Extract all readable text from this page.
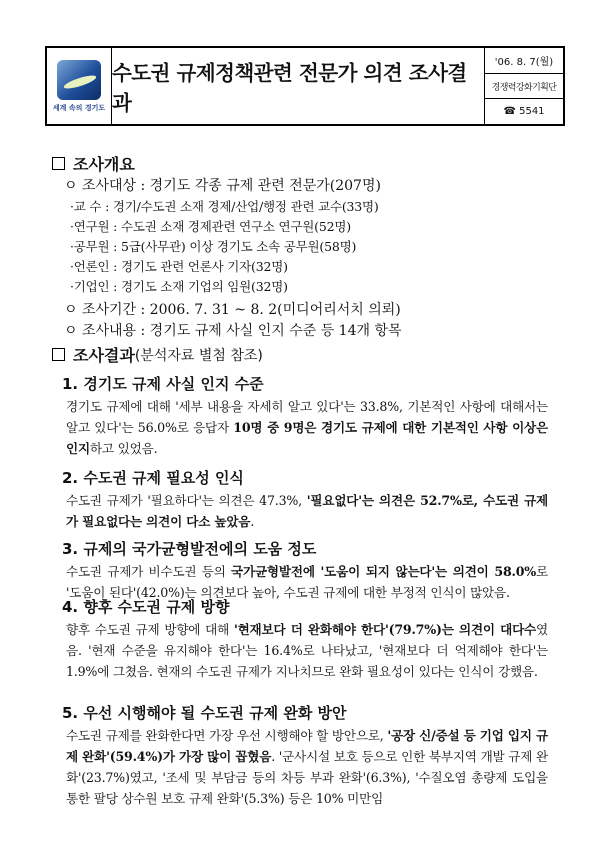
세계 속의 경기도
수도권 규제정책관련 전문가 의견 조사결과
'06. 8. 7(월)
경쟁력강화기획단
☎ 5541
조사개요
ㅇ 조사대상 : 경기도 각종 규제 관련 전문가(207명)
·교 수 : 경기/수도권 소재 경제/산업/행정 관련 교수(33명)
·연구원 : 수도권 소재 경제관련 연구소 연구원(52명)
·공무원 : 5급(사무관) 이상 경기도 소속 공무원(58명)
·언론인 : 경기도 관련 언론사 기자(32명)
·기업인 : 경기도 소재 기업의 임원(32명)
ㅇ 조사기간 : 2006. 7. 31 ~ 8. 2(미디어리서치 의뢰)
ㅇ 조사내용 : 경기도 규제 사실 인지 수준 등 14개 항목
조사결과 (분석자료 별첨 참조)
1. 경기도 규제 사실 인지 수준
경기도 규제에 대해 '세부 내용을 자세히 알고 있다'는 33.8%, 기본적인 사항에 대해서는 알고 있다'는 56.0%로 응답자 10명 중 9명은 경기도 규제에 대한 기본적인 사항 이상은 인지하고 있었음.
2. 수도권 규제 필요성 인식
수도권 규제가 '필요하다'는 의견은 47.3%, '필요없다'는 의견은 52.7%로, 수도권 규제가 필요없다는 의견이 다소 높았음.
3. 규제의 국가균형발전에의 도움 정도
수도권 규제가 비수도권 등의 국가균형발전에 '도움이 되지 않는다'는 의견이 58.0%로 '도움이 된다'(42.0%)는 의견보다 높아, 수도권 규제에 대한 부정적 인식이 많았음.
4. 향후 수도권 규제 방향
향후 수도권 규제 방향에 대해 '현재보다 더 완화해야 한다'(79.7%)는 의견이 대다수였음. '현재 수준을 유지해야 한다'는 16.4%로 나타났고, '현재보다 더 억제해야 한다'는 1.9%에 그쳤음. 현재의 수도권 규제가 지나치므로 완화 필요성이 있다는 인식이 강했음.
5. 우선 시행해야 될 수도권 규제 완화 방안
수도권 규제를 완화한다면 가장 우선 시행해야 할 방안으로, '공장 신/증설 등 기업 입지 규제 완화'(59.4%)가 가장 많이 꼽혔음. '군사시설 보호 등으로 인한 북부지역 개발 규제 완화'(23.7%)였고, '조세 및 부담금 등의 차등 부과 완화'(6.3%), '수질오염 총량제 도입을 통한 팔당 상수원 보호 규제 완화'(5.3%) 등은 10% 미만임
